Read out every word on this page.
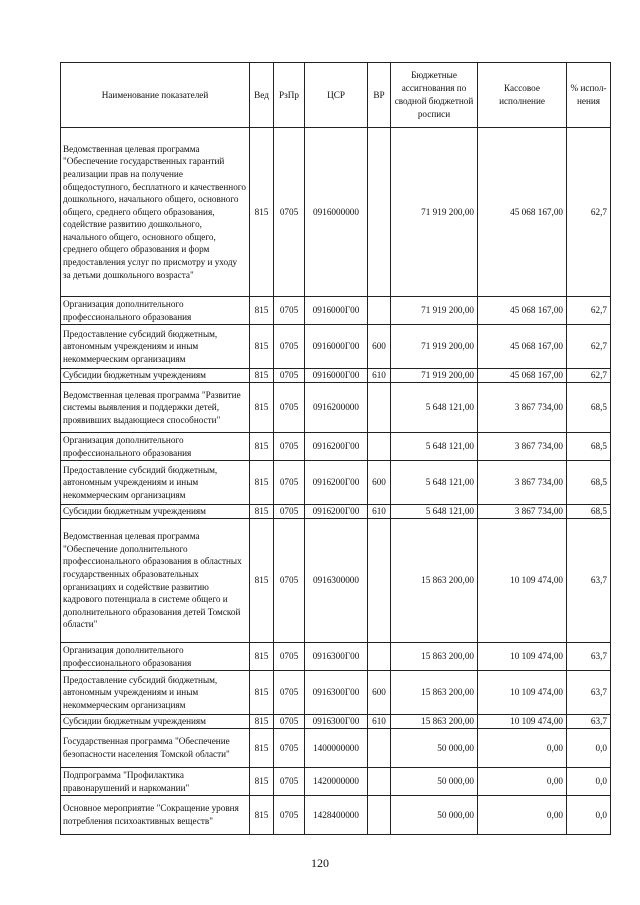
Наименование показателей	Вед	РзПр	ЦСР	ВР	Бюджетные ассигнования по сводной бюджетной росписи	Кассовое исполнение	% испол-нения
Ведомственная целевая программа "Обеспечение государственных гарантий реализации прав на получение общедоступного, бесплатного и качественного дошкольного, начального общего, основного общего, среднего общего образования, содействие развитию дошкольного, начального общего, основного общего, среднего общего образования и форм предоставления услуг по присмотру и уходу за детьми дошкольного возраста"	815	0705	0916000000		71 919 200,00	45 068 167,00	62,7
Организация дополнительного профессионального образования	815	0705	0916000Г00		71 919 200,00	45 068 167,00	62,7
Предоставление субсидий бюджетным, автономным учреждениям и иным некоммерческим организациям	815	0705	0916000Г00	600	71 919 200,00	45 068 167,00	62,7
Субсидии бюджетным учреждениям	815	0705	0916000Г00	610	71 919 200,00	45 068 167,00	62,7
Ведомственная целевая программа "Развитие системы выявления и поддержки детей, проявивших выдающиеся способности"	815	0705	0916200000		5 648 121,00	3 867 734,00	68,5
Организация дополнительного профессионального образования	815	0705	0916200Г00		5 648 121,00	3 867 734,00	68,5
Предоставление субсидий бюджетным, автономным учреждениям и иным некоммерческим организациям	815	0705	0916200Г00	600	5 648 121,00	3 867 734,00	68,5
Субсидии бюджетным учреждениям	815	0705	0916200Г00	610	5 648 121,00	3 867 734,00	68,5
Ведомственная целевая программа "Обеспечение дополнительного профессионального образования в областных государственных образовательных организациях и содействие развитию кадрового потенциала в системе общего и дополнительного образования детей Томской области"	815	0705	0916300000		15 863 200,00	10 109 474,00	63,7
Организация дополнительного профессионального образования	815	0705	0916300Г00		15 863 200,00	10 109 474,00	63,7
Предоставление субсидий бюджетным, автономным учреждениям и иным некоммерческим организациям	815	0705	0916300Г00	600	15 863 200,00	10 109 474,00	63,7
Субсидии бюджетным учреждениям	815	0705	0916300Г00	610	15 863 200,00	10 109 474,00	63,7
Государственная программа "Обеспечение безопасности населения Томской области"	815	0705	1400000000		50 000,00	0,00	0,0
Подпрограмма "Профилактика правонарушений и наркомании"	815	0705	1420000000		50 000,00	0,00	0,0
Основное мероприятие "Сокращение уровня потребления психоактивных веществ"	815	0705	1428400000		50 000,00	0,00	0,0
120
